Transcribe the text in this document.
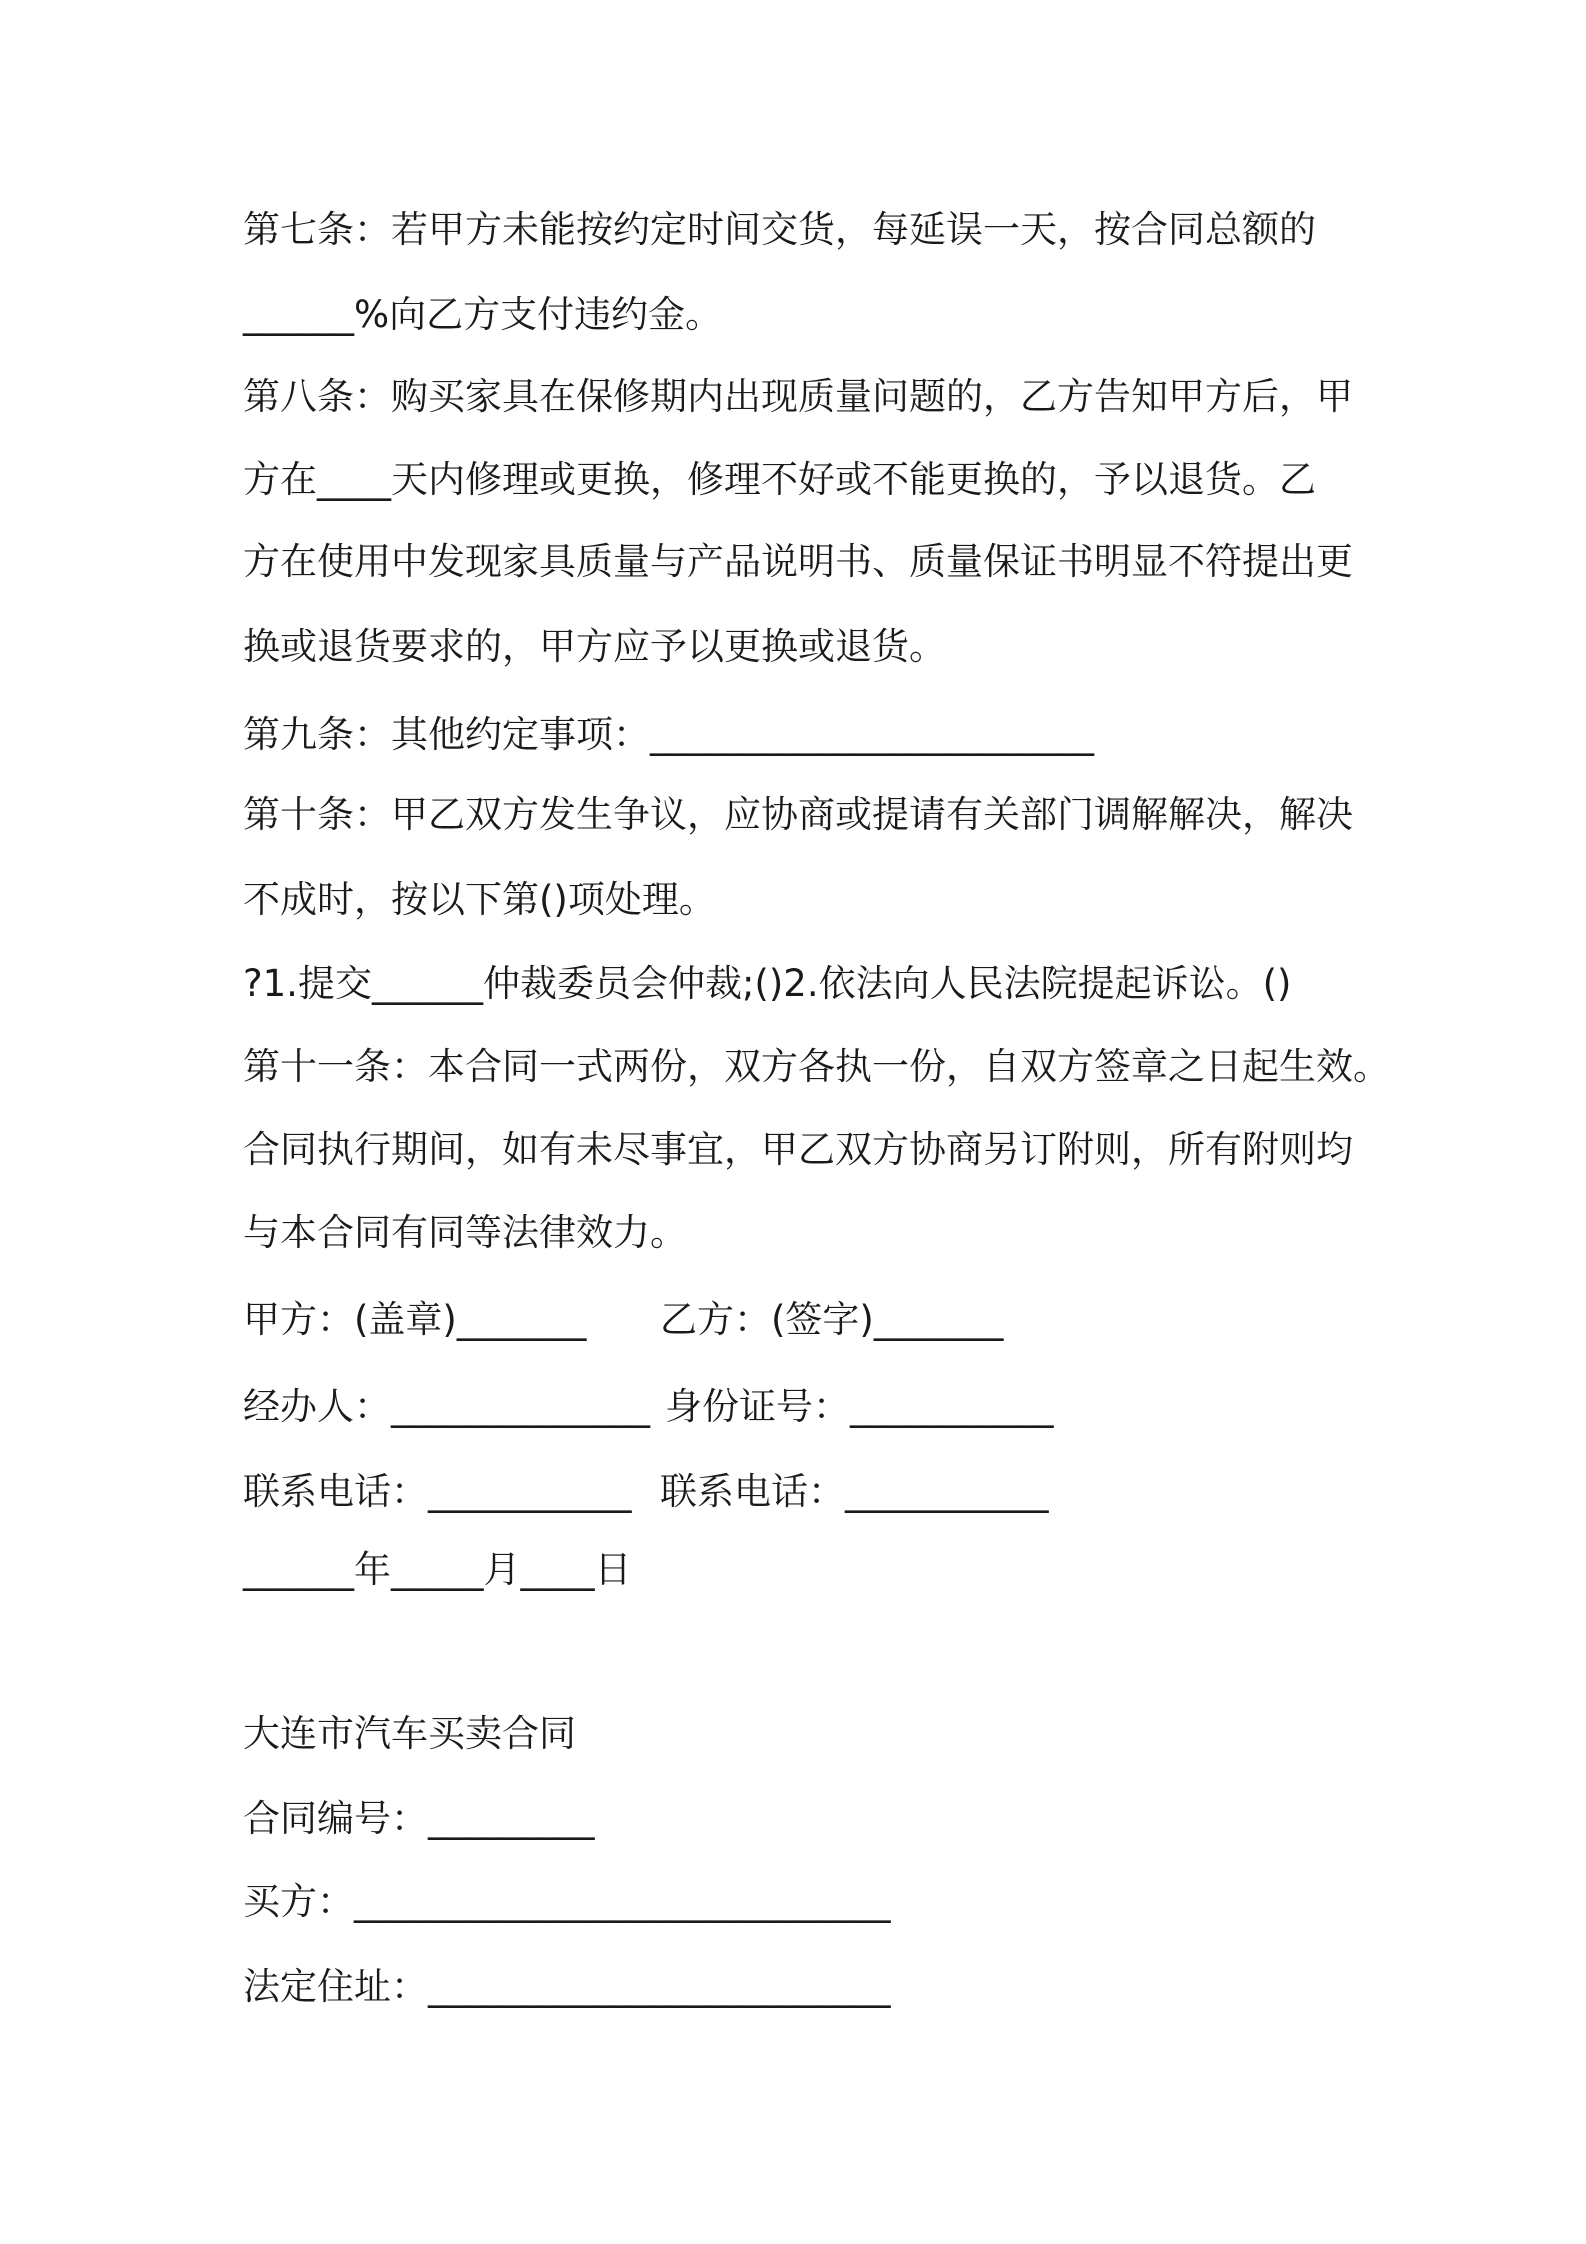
第七条：若甲方未能按约定时间交货，每延误一天，按合同总额的
______%向乙方支付违约金。
第八条：购买家具在保修期内出现质量问题的，乙方告知甲方后，甲
方在____天内修理或更换，修理不好或不能更换的，予以退货。乙
方在使用中发现家具质量与产品说明书、质量保证书明显不符提出更
换或退货要求的，甲方应予以更换或退货。
第九条：其他约定事项：________________________
第十条：甲乙双方发生争议，应协商或提请有关部门调解解决，解决
不成时，按以下第()项处理。
?1.提交______仲裁委员会仲裁;()2.依法向人民法院提起诉讼。()
第十一条：本合同一式两份，双方各执一份，自双方签章之日起生效。
合同执行期间，如有未尽事宜，甲乙双方协商另订附则，所有附则均
与本合同有同等法律效力。
甲方：(盖章)_______ 乙方：(签字)_______
经办人：______________ 身份证号：___________
联系电话：___________ 联系电话：___________
______年_____月____日
大连市汽车买卖合同
合同编号：_________
买方：_____________________________
法定住址：_________________________
